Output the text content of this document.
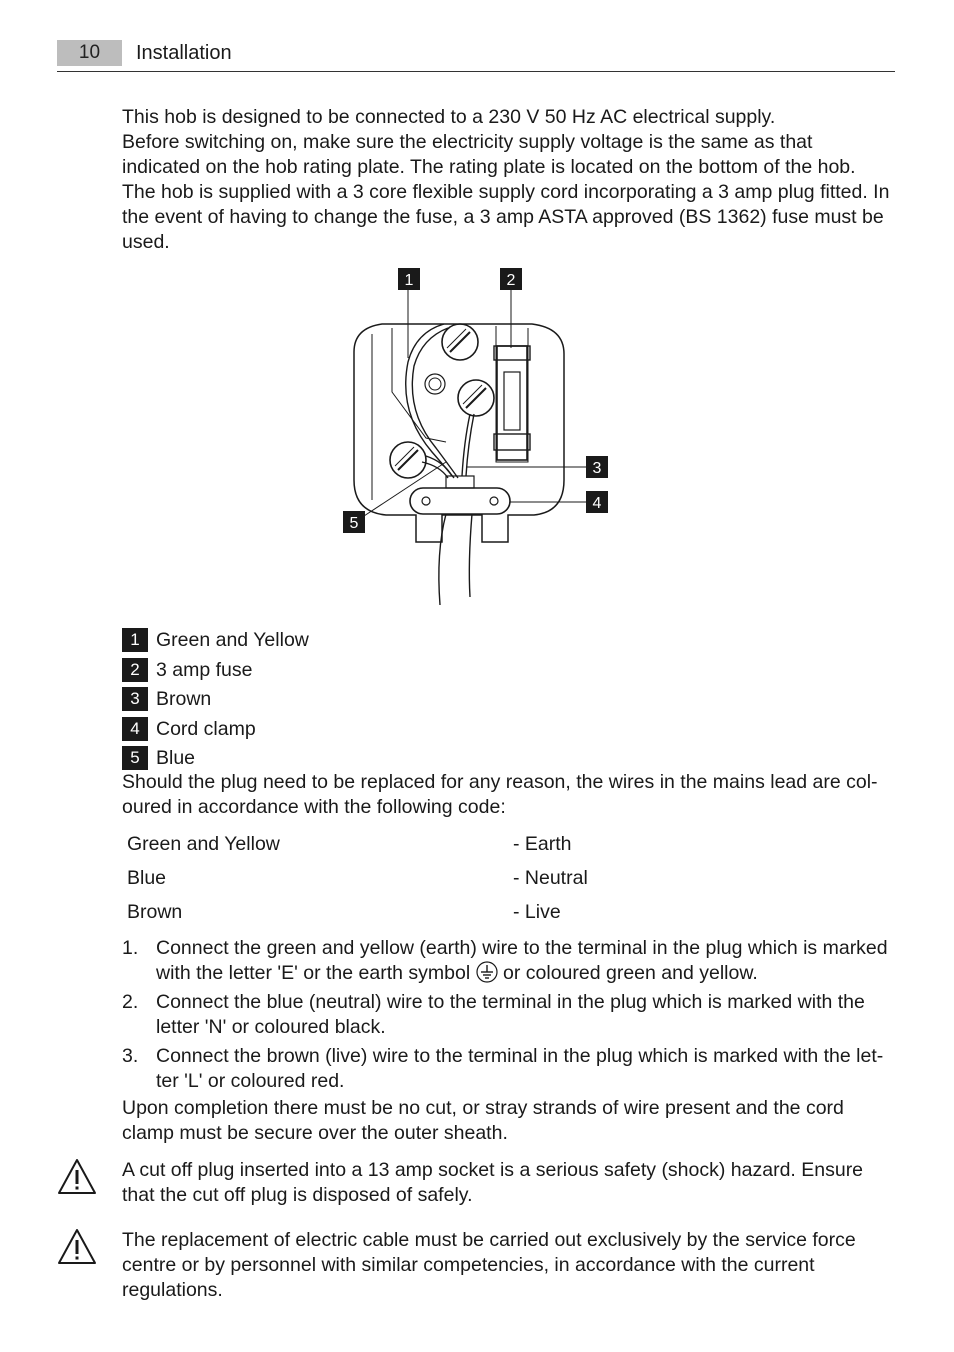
10	Installation

This hob is designed to be connected to a 230 V 50 Hz AC electrical supply.

Before switching on, make sure the electricity supply voltage is the same as that indicated on the hob rating plate. The rating plate is located on the bottom of the hob.

The hob is supplied with a 3 core flexible supply cord incorporating a 3 amp plug fitted. In the event of having to change the fuse, a 3 amp ASTA approved (BS 1362) fuse must be used.

1	2
3
4
5
1 Green and Yellow
2 3 amp fuse
3 Brown
4 Cord clamp
5 Blue
Should the plug need to be replaced for any reason, the wires in the mains lead are col- oured in accordance with the following code:
Green and Yellow	- Earth
Blue	- Neutral
Brown	- Live
1. Connect the green and yellow (earth) wire to the terminal in the plug which is marked with the letter 'E' or the earth symbol or coloured green and yellow.
2. Connect the blue (neutral) wire to the terminal in the plug which is marked with the letter 'N' or coloured black.
3. Connect the brown (live) wire to the terminal in the plug which is marked with the let- ter 'L' or coloured red.
Upon completion there must be no cut, or stray strands of wire present and the cord clamp must be secure over the outer sheath.
A cut off plug inserted into a 13 amp socket is a serious safety (shock) hazard. Ensure that the cut off plug is disposed of safely.
The replacement of electric cable must be carried out exclusively by the service force centre or by personnel with similar competencies, in accordance with the current regulations.
